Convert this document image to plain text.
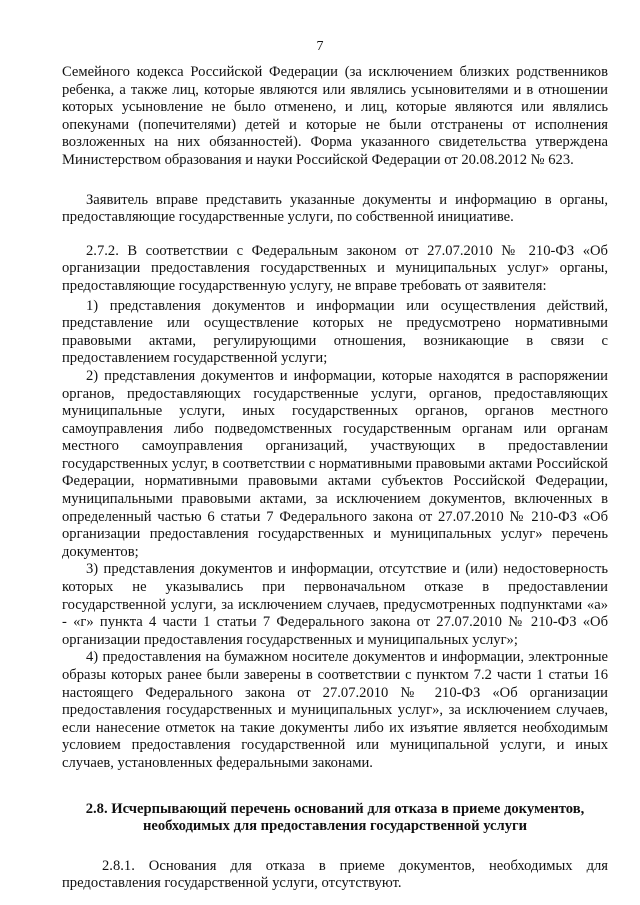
7

Семейного кодекса Российской Федерации (за исключением близких родственников ребенка, а также лиц, которые являются или являлись усыновителями и в отношении которых усыновление не было отменено, и лиц, которые являются или являлись опекунами (попечителями) детей и которые не были отстранены от исполнения возложенных на них обязанностей). Форма указанного свидетельства утверждена Министерством образования и науки Российской Федерации от 20.08.2012 № 623.

Заявитель вправе представить указанные документы и информацию в органы, предоставляющие государственные услуги, по собственной инициативе.

2.7.2. В соответствии с Федеральным законом от 27.07.2010 № 210-ФЗ «Об организации предоставления государственных и муниципальных услуг» органы, предоставляющие государственную услугу, не вправе требовать от заявителя:

1) представления документов и информации или осуществления действий, представление или осуществление которых не предусмотрено нормативными правовыми актами, регулирующими отношения, возникающие в связи с предоставлением государственной услуги;

2) представления документов и информации, которые находятся в распоряжении органов, предоставляющих государственные услуги, органов, предоставляющих муниципальные услуги, иных государственных органов, органов местного самоуправления либо подведомственных государственным органам или органам местного самоуправления организаций, участвующих в предоставлении государственных услуг, в соответствии с нормативными правовыми актами Российской Федерации, нормативными правовыми актами субъектов Российской Федерации, муниципальными правовыми актами, за исключением документов, включенных в определенный частью 6 статьи 7 Федерального закона от 27.07.2010 № 210-ФЗ «Об организации предоставления государственных и муниципальных услуг» перечень документов;

3) представления документов и информации, отсутствие и (или) недостоверность которых не указывались при первоначальном отказе в предоставлении государственной услуги, за исключением случаев, предусмотренных подпунктами «а» - «г» пункта 4 части 1 статьи 7 Федерального закона от 27.07.2010 № 210-ФЗ «Об организации предоставления государственных и муниципальных услуг»;

4) предоставления на бумажном носителе документов и информации, электронные образы которых ранее были заверены в соответствии с пунктом 7.2 части 1 статьи 16 настоящего Федерального закона от 27.07.2010 № 210-ФЗ «Об организации предоставления государственных и муниципальных услуг», за исключением случаев, если нанесение отметок на такие документы либо их изъятие является необходимым условием предоставления государственной или муниципальной услуги, и иных случаев, установленных федеральными законами.

2.8. Исчерпывающий перечень оснований для отказа в приеме документов, необходимых для предоставления государственной услуги

2.8.1. Основания для отказа в приеме документов, необходимых для предоставления государственной услуги, отсутствуют.
